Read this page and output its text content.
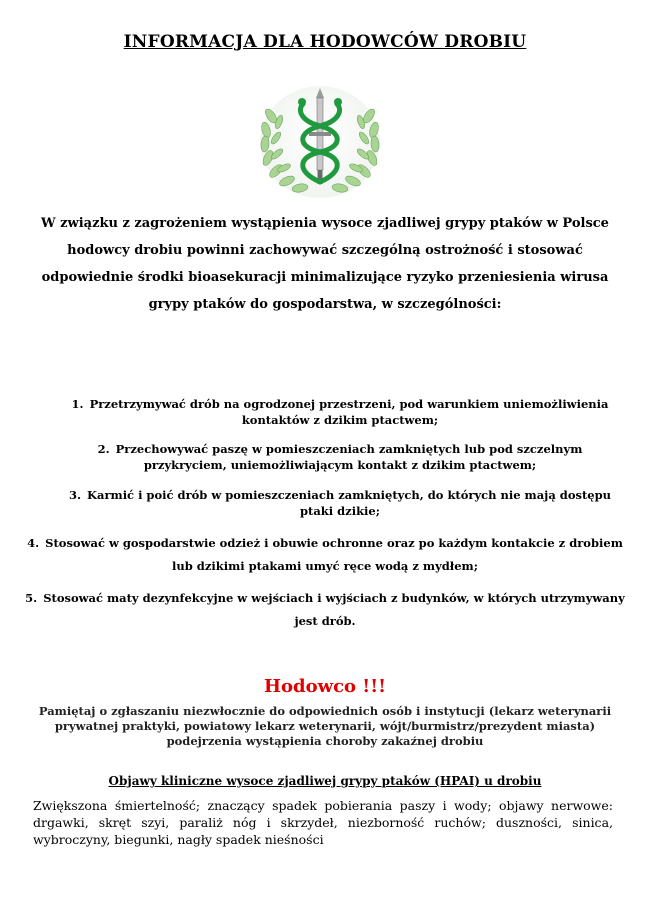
INFORMACJA DLA HODOWCÓW DROBIU
W związku z zagrożeniem wystąpienia wysoce zjadliwej grypy ptaków w Polsce hodowcy drobiu powinni zachowywać szczególną ostrożność i stosować odpowiednie środki bioasekuracji minimalizujące ryzyko przeniesienia wirusa grypy ptaków do gospodarstwa, w szczególności:
1. Przetrzymywać drób na ogrodzonej przestrzeni, pod warunkiem uniemożliwienia kontaktów z dzikim ptactwem;
2. Przechowywać paszę w pomieszczeniach zamkniętych lub pod szczelnym przykryciem, uniemożliwiającym kontakt z dzikim ptactwem;
3. Karmić i poić drób w pomieszczeniach zamkniętych, do których nie mają dostępu ptaki dzikie;
4. Stosować w gospodarstwie odzież i obuwie ochronne oraz po każdym kontakcie z drobiem lub dzikimi ptakami umyć ręce wodą z mydłem;
5. Stosować maty dezynfekcyjne w wejściach i wyjściach z budynków, w których utrzymywany jest drób.
Hodowco !!!
Pamiętaj o zgłaszaniu niezwłocznie do odpowiednich osób i instytucji (lekarz weterynarii prywatnej praktyki, powiatowy lekarz weterynarii, wójt/burmistrz/prezydent miasta) podejrzenia wystąpienia choroby zakaźnej drobiu
Objawy kliniczne wysoce zjadliwej grypy ptaków (HPAI) u drobiu
Zwiększona śmiertelność; znaczący spadek pobierania paszy i wody; objawy nerwowe: drgawki, skręt szyi, paraliż nóg i skrzydeł, niezborność ruchów; duszności, sinica, wybroczyny, biegunki, nagły spadek nieśności
